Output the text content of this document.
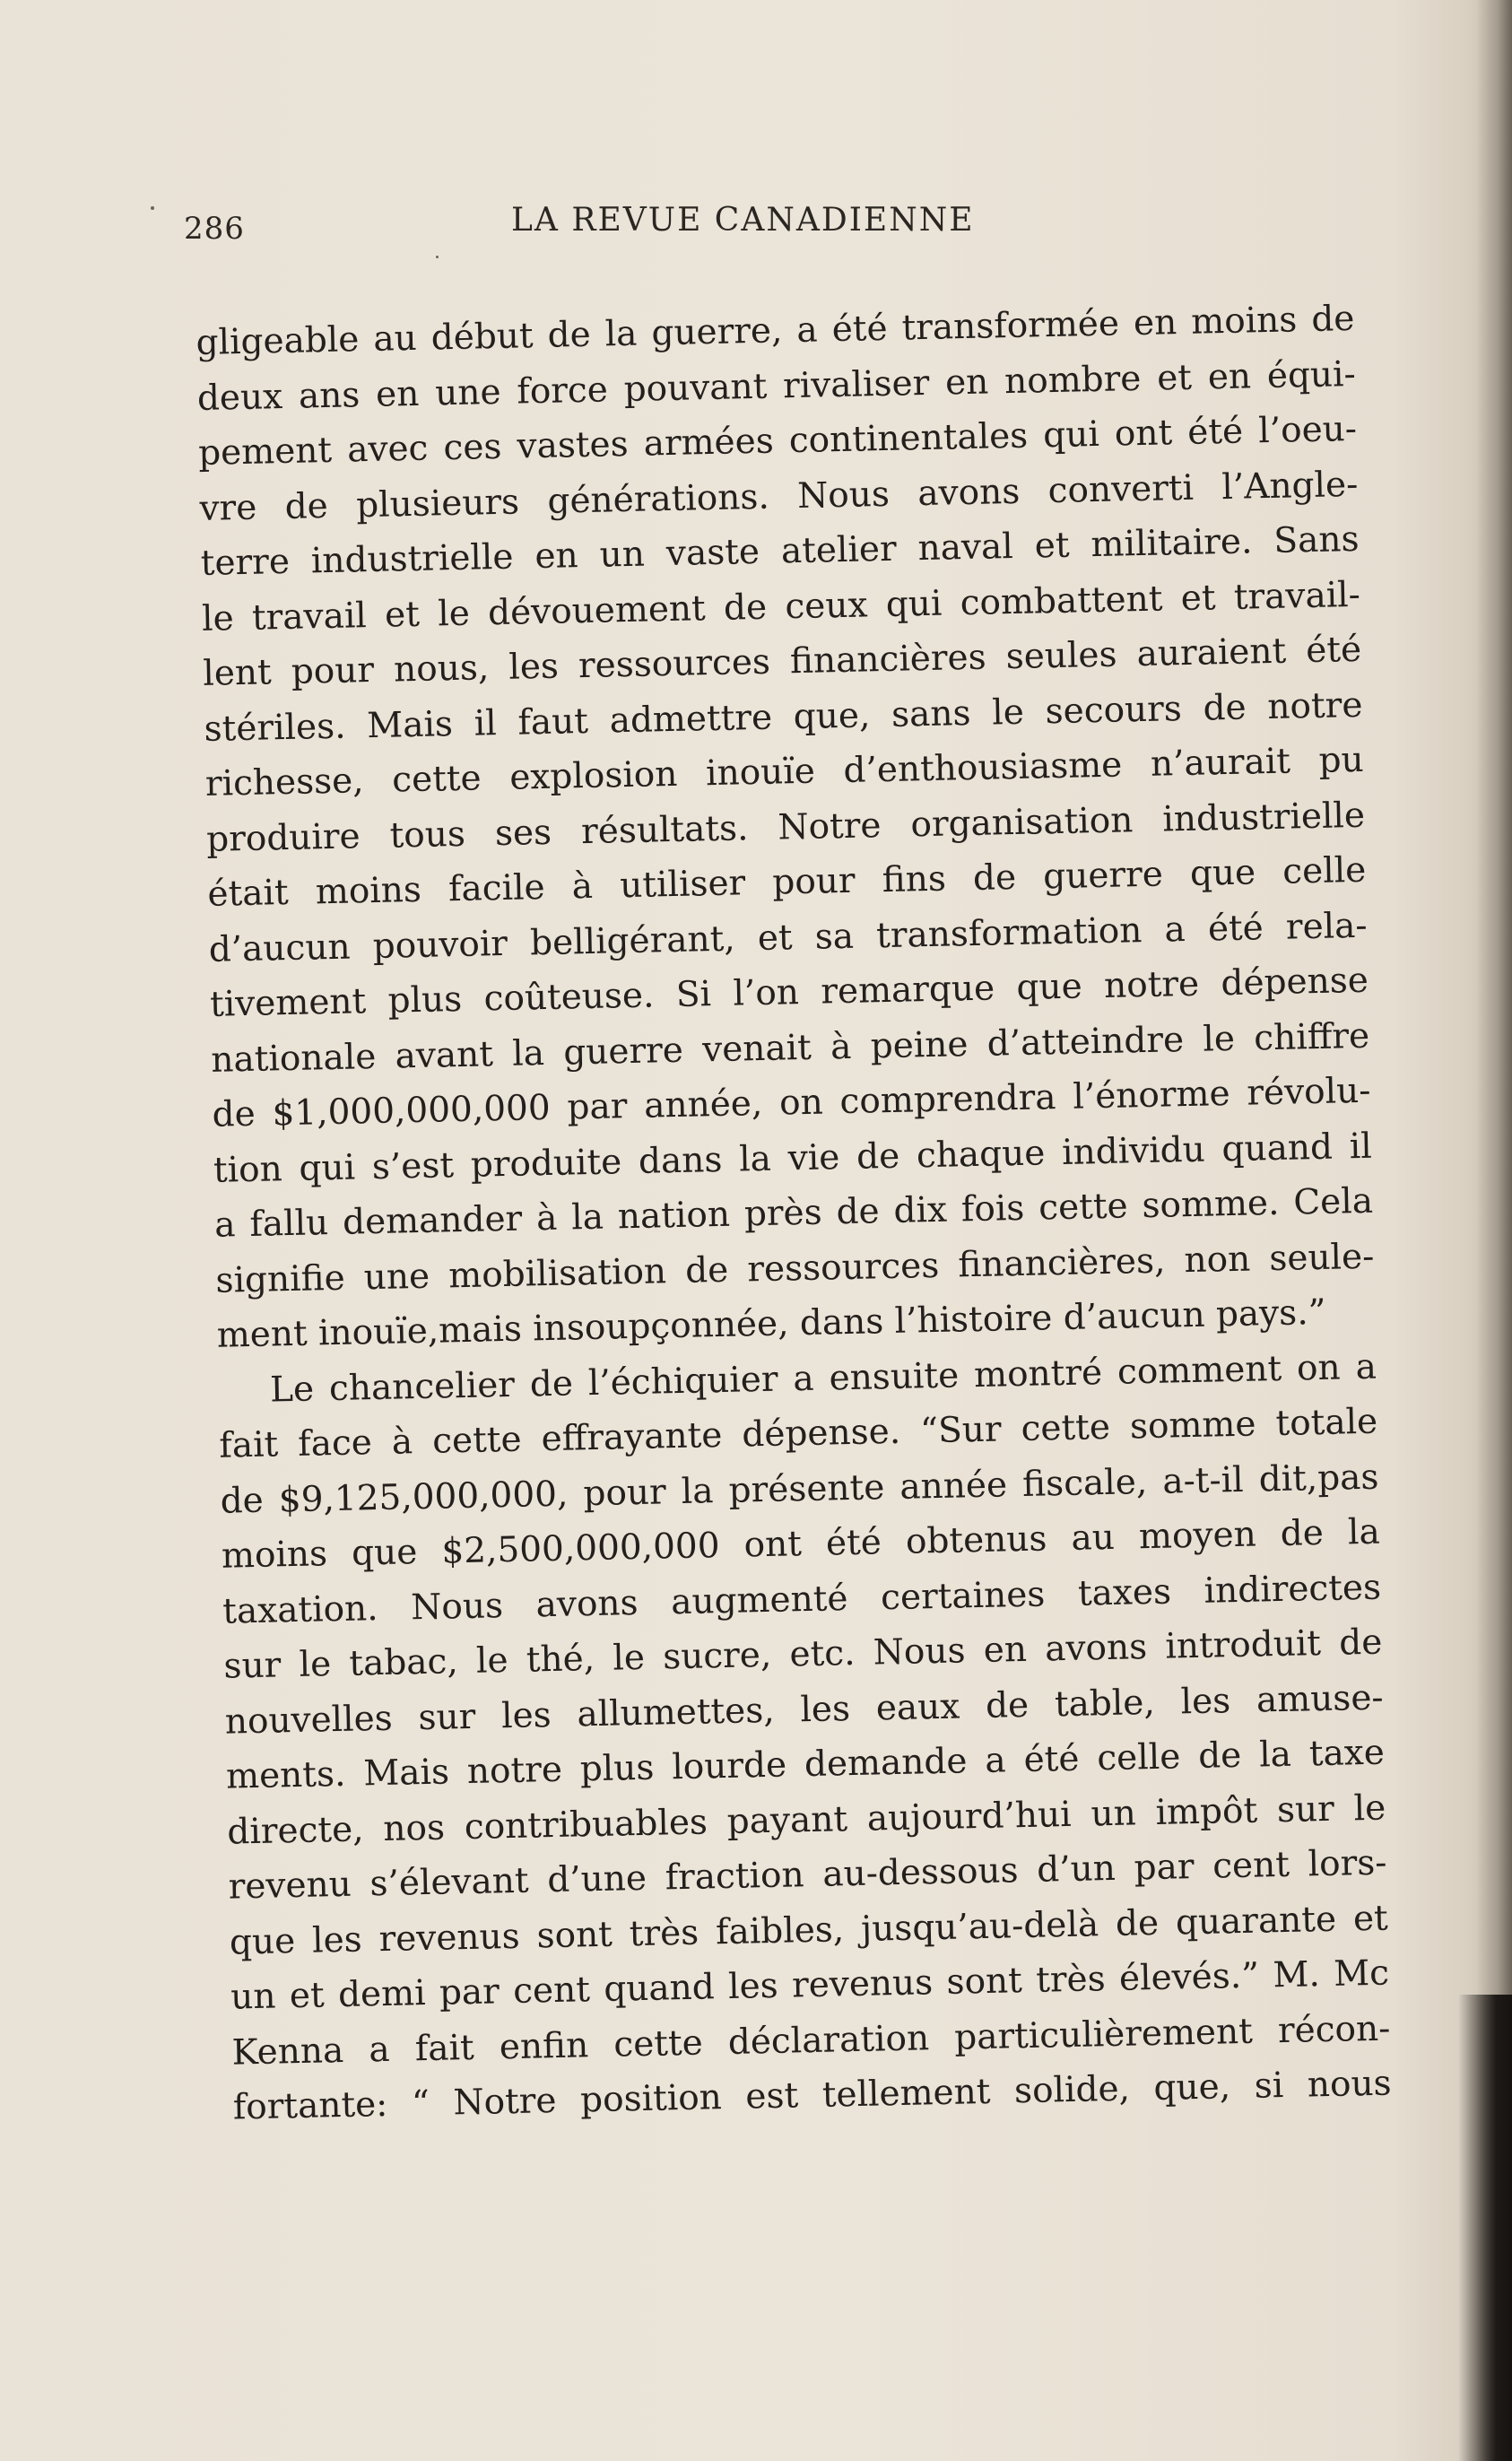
286	LA REVUE CANADIENNE
gligeable au début de la guerre, a été transformée en moins de
deux ans en une force pouvant rivaliser en nombre et en équi-
pement avec ces vastes armées continentales qui ont été l’oeu-
vre de plusieurs générations. Nous avons converti l’Angle-
terre industrielle en un vaste atelier naval et militaire. Sans
le travail et le dévouement de ceux qui combattent et travail-
lent pour nous, les ressources financières seules auraient été
stériles. Mais il faut admettre que, sans le secours de notre
richesse, cette explosion inouïe d’enthousiasme n’aurait pu
produire tous ses résultats. Notre organisation industrielle
était moins facile à utiliser pour fins de guerre que celle
d’aucun pouvoir belligérant, et sa transformation a été rela-
tivement plus coûteuse. Si l’on remarque que notre dépense
nationale avant la guerre venait à peine d’atteindre le chiffre
de $1,000,000,000 par année, on comprendra l’énorme révolu-
tion qui s’est produite dans la vie de chaque individu quand il
a fallu demander à la nation près de dix fois cette somme. Cela
signifie une mobilisation de ressources financières, non seule-
ment inouïe,mais insoupçonnée, dans l’histoire d’aucun pays.”
Le chancelier de l’échiquier a ensuite montré comment on a
fait face à cette effrayante dépense. “Sur cette somme totale
de $9,125,000,000, pour la présente année fiscale, a-t-il dit,pas
moins que $2,500,000,000 ont été obtenus au moyen de la
taxation. Nous avons augmenté certaines taxes indirectes
sur le tabac, le thé, le sucre, etc. Nous en avons introduit de
nouvelles sur les allumettes, les eaux de table, les amuse-
ments. Mais notre plus lourde demande a été celle de la taxe
directe, nos contribuables payant aujourd’hui un impôt sur le
revenu s’élevant d’une fraction au-dessous d’un par cent lors-
que les revenus sont très faibles, jusqu’au-delà de quarante et
un et demi par cent quand les revenus sont très élevés.” M. Mc
Kenna a fait enfin cette déclaration particulièrement récon-
fortante: “ Notre position est tellement solide, que, si nous
